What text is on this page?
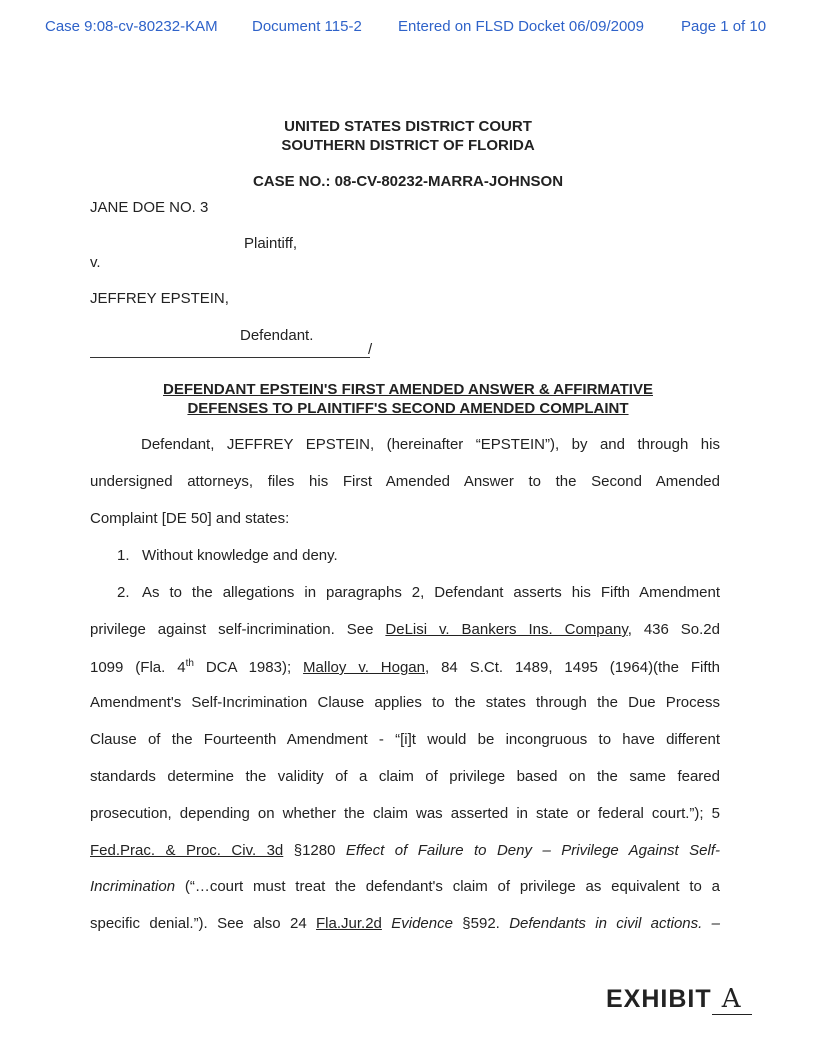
Case 9:08-cv-80232-KAM Document 115-2 Entered on FLSD Docket 06/09/2009 Page 1 of 10
UNITED STATES DISTRICT COURT
SOUTHERN DISTRICT OF FLORIDA
CASE NO.: 08-CV-80232-MARRA-JOHNSON
JANE DOE NO. 3
Plaintiff,
v.
JEFFREY EPSTEIN,
Defendant.
/
DEFENDANT EPSTEIN'S FIRST AMENDED ANSWER & AFFIRMATIVE
DEFENSES TO PLAINTIFF'S SECOND AMENDED COMPLAINT
Defendant, JEFFREY EPSTEIN, (hereinafter “EPSTEIN”), by and through his
undersigned attorneys, files his First Amended Answer to the Second Amended
Complaint [DE 50] and states:
1. Without knowledge and deny.
2. As to the allegations in paragraphs 2, Defendant asserts his Fifth Amendment
privilege against self-incrimination. See DeLisi v. Bankers Ins. Company, 436 So.2d
1099 (Fla. 4th DCA 1983); Malloy v. Hogan, 84 S.Ct. 1489, 1495 (1964)(the Fifth
Amendment's Self-Incrimination Clause applies to the states through the Due Process
Clause of the Fourteenth Amendment - “[i]t would be incongruous to have different
standards determine the validity of a claim of privilege based on the same feared
prosecution, depending on whether the claim was asserted in state or federal court.”); 5
Fed.Prac. & Proc. Civ. 3d §1280 Effect of Failure to Deny – Privilege Against Self-
Incrimination (“…court must treat the defendant's claim of privilege as equivalent to a
specific denial.”). See also 24 Fla.Jur.2d Evidence §592. Defendants in civil actions. –
EXHIBIT A
